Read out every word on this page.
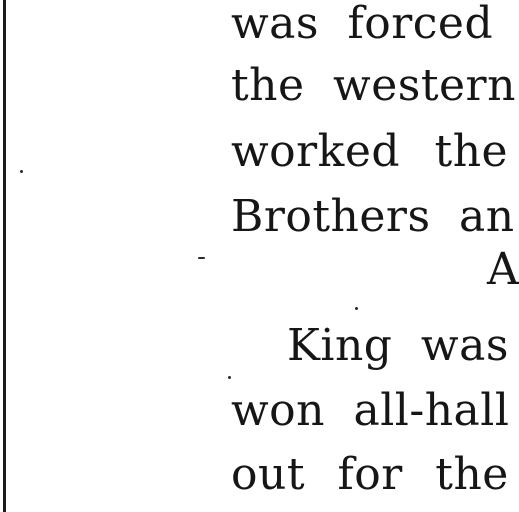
was forced
the western
worked the
Brothers an
A
King was
won all-hall
out for the
